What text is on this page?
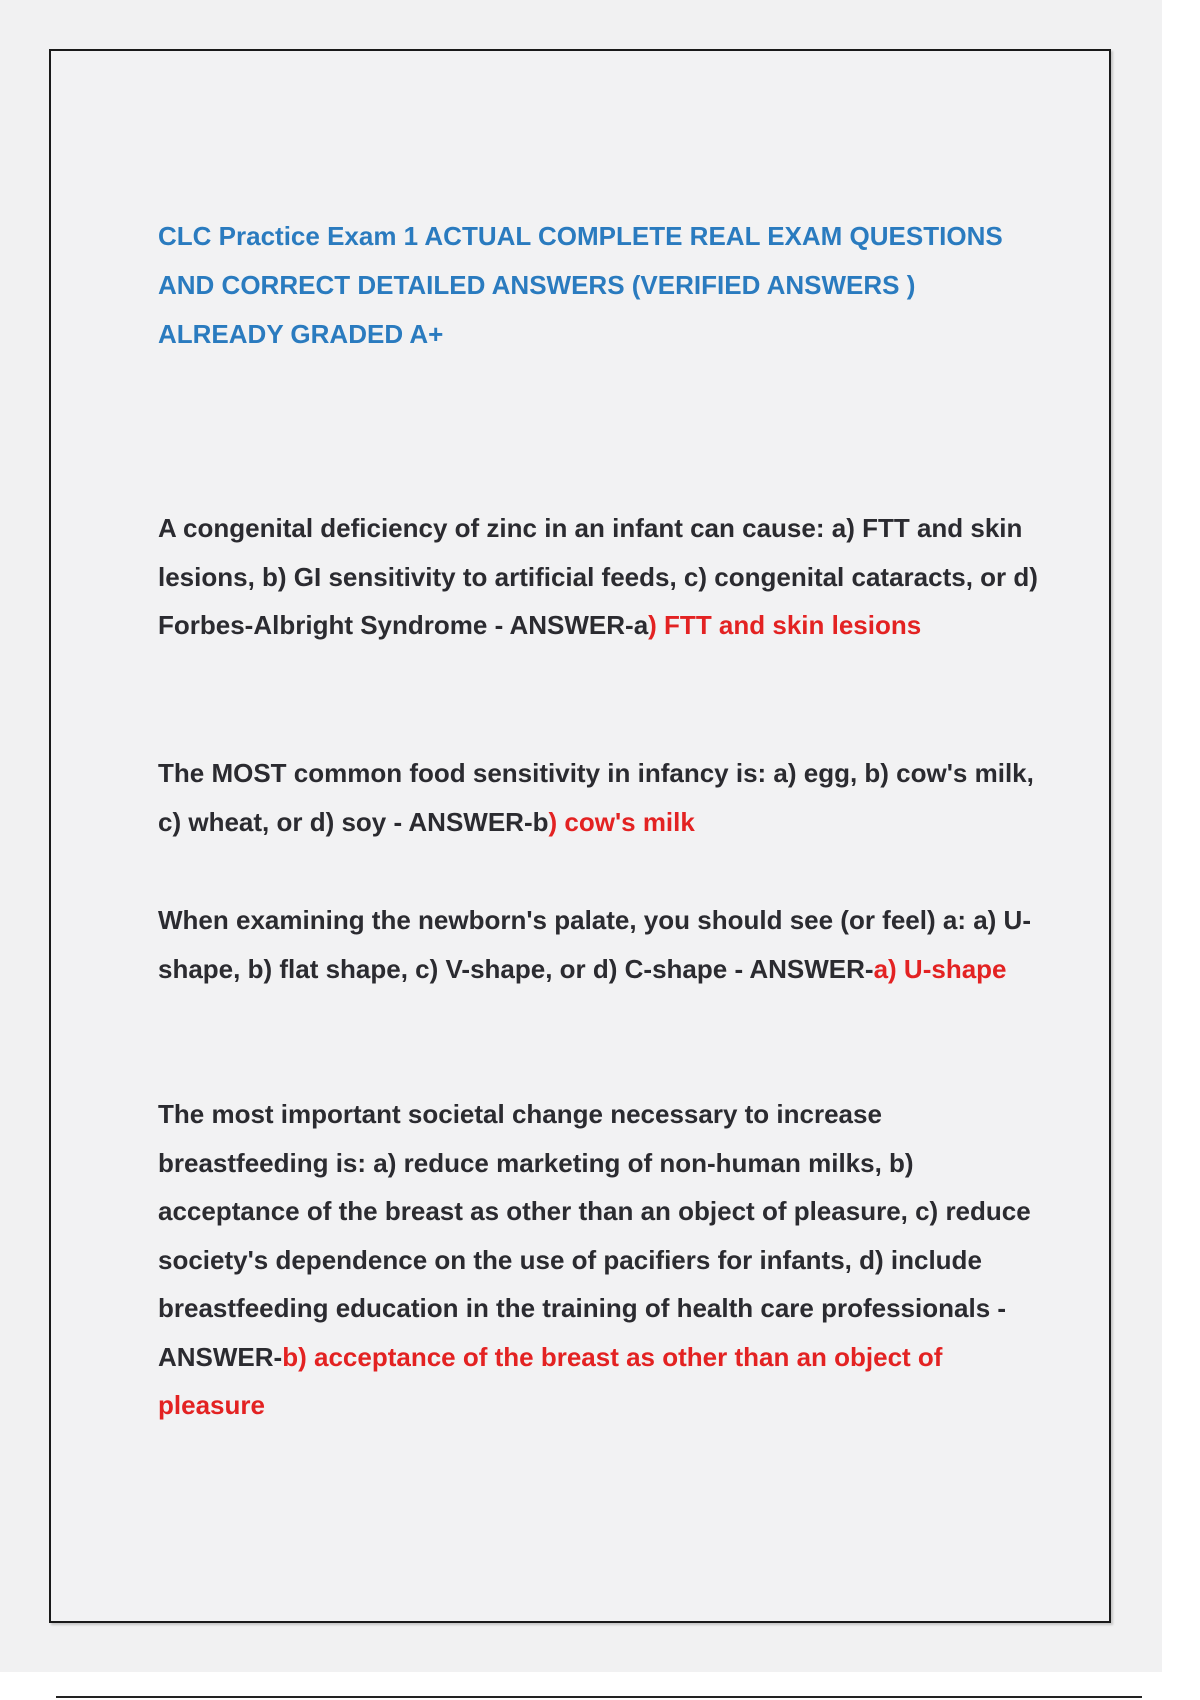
CLC Practice Exam 1 ACTUAL COMPLETE REAL EXAM QUESTIONS AND CORRECT DETAILED ANSWERS (VERIFIED ANSWERS ) ALREADY GRADED A+

A congenital deficiency of zinc in an infant can cause: a) FTT and skin lesions, b) GI sensitivity to artificial feeds, c) congenital cataracts, or d) Forbes-Albright Syndrome - ANSWER-a) FTT and skin lesions

The MOST common food sensitivity in infancy is: a) egg, b) cow's milk, c) wheat, or d) soy - ANSWER-b) cow's milk

When examining the newborn's palate, you should see (or feel) a: a) U-shape, b) flat shape, c) V-shape, or d) C-shape - ANSWER-a) U-shape

The most important societal change necessary to increase breastfeeding is: a) reduce marketing of non-human milks, b) acceptance of the breast as other than an object of pleasure, c) reduce society's dependence on the use of pacifiers for infants, d) include breastfeeding education in the training of health care professionals - ANSWER-b) acceptance of the breast as other than an object of pleasure
